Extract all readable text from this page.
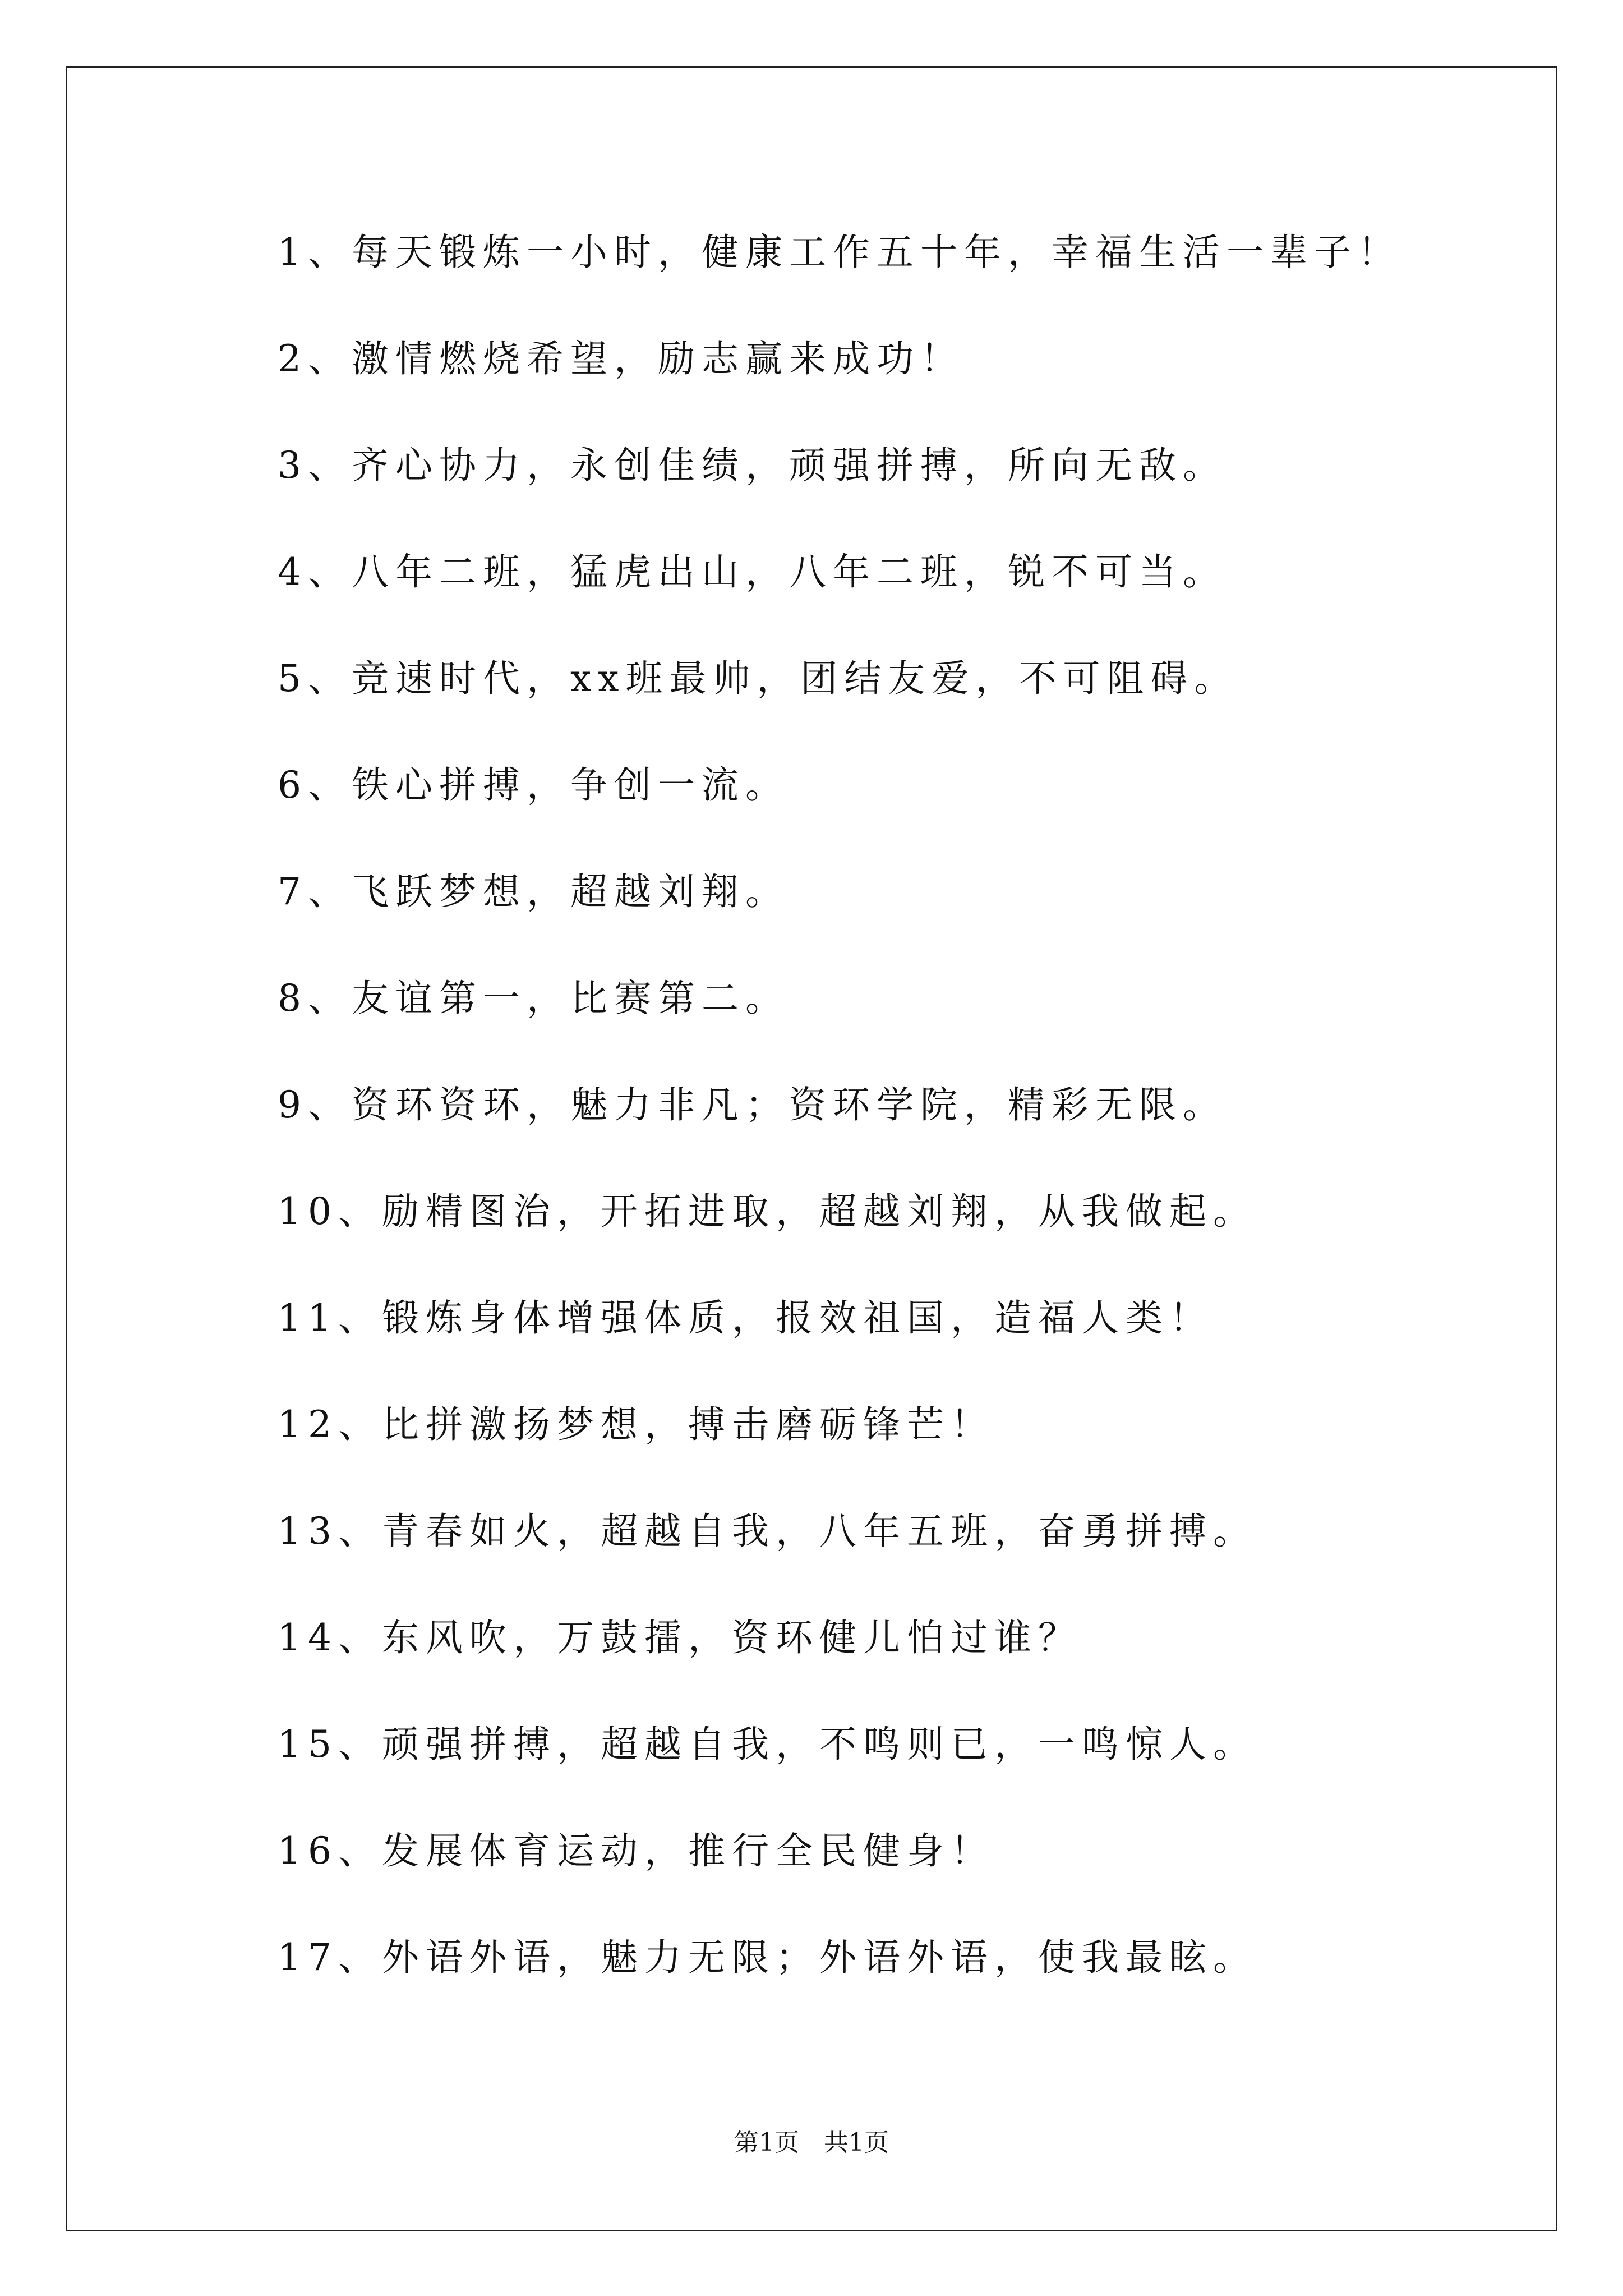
1、每天锻炼一小时，健康工作五十年，幸福生活一辈子！
2、激情燃烧希望，励志赢来成功！
3、齐心协力，永创佳绩，顽强拼搏，所向无敌。
4、八年二班，猛虎出山，八年二班，锐不可当。
5、竞速时代，xx班最帅，团结友爱，不可阻碍。
6、铁心拼搏，争创一流。
7、飞跃梦想，超越刘翔。
8、友谊第一，比赛第二。
9、资环资环，魅力非凡；资环学院，精彩无限。
10、励精图治，开拓进取，超越刘翔，从我做起。
11、锻炼身体增强体质，报效祖国，造福人类！
12、比拼激扬梦想，搏击磨砺锋芒！
13、青春如火，超越自我，八年五班，奋勇拼搏。
14、东风吹，万鼓擂，资环健儿怕过谁？
15、顽强拼搏，超越自我，不鸣则已，一鸣惊人。
16、发展体育运动，推行全民健身！
17、外语外语，魅力无限；外语外语，使我最眩。
第1页　共1页
